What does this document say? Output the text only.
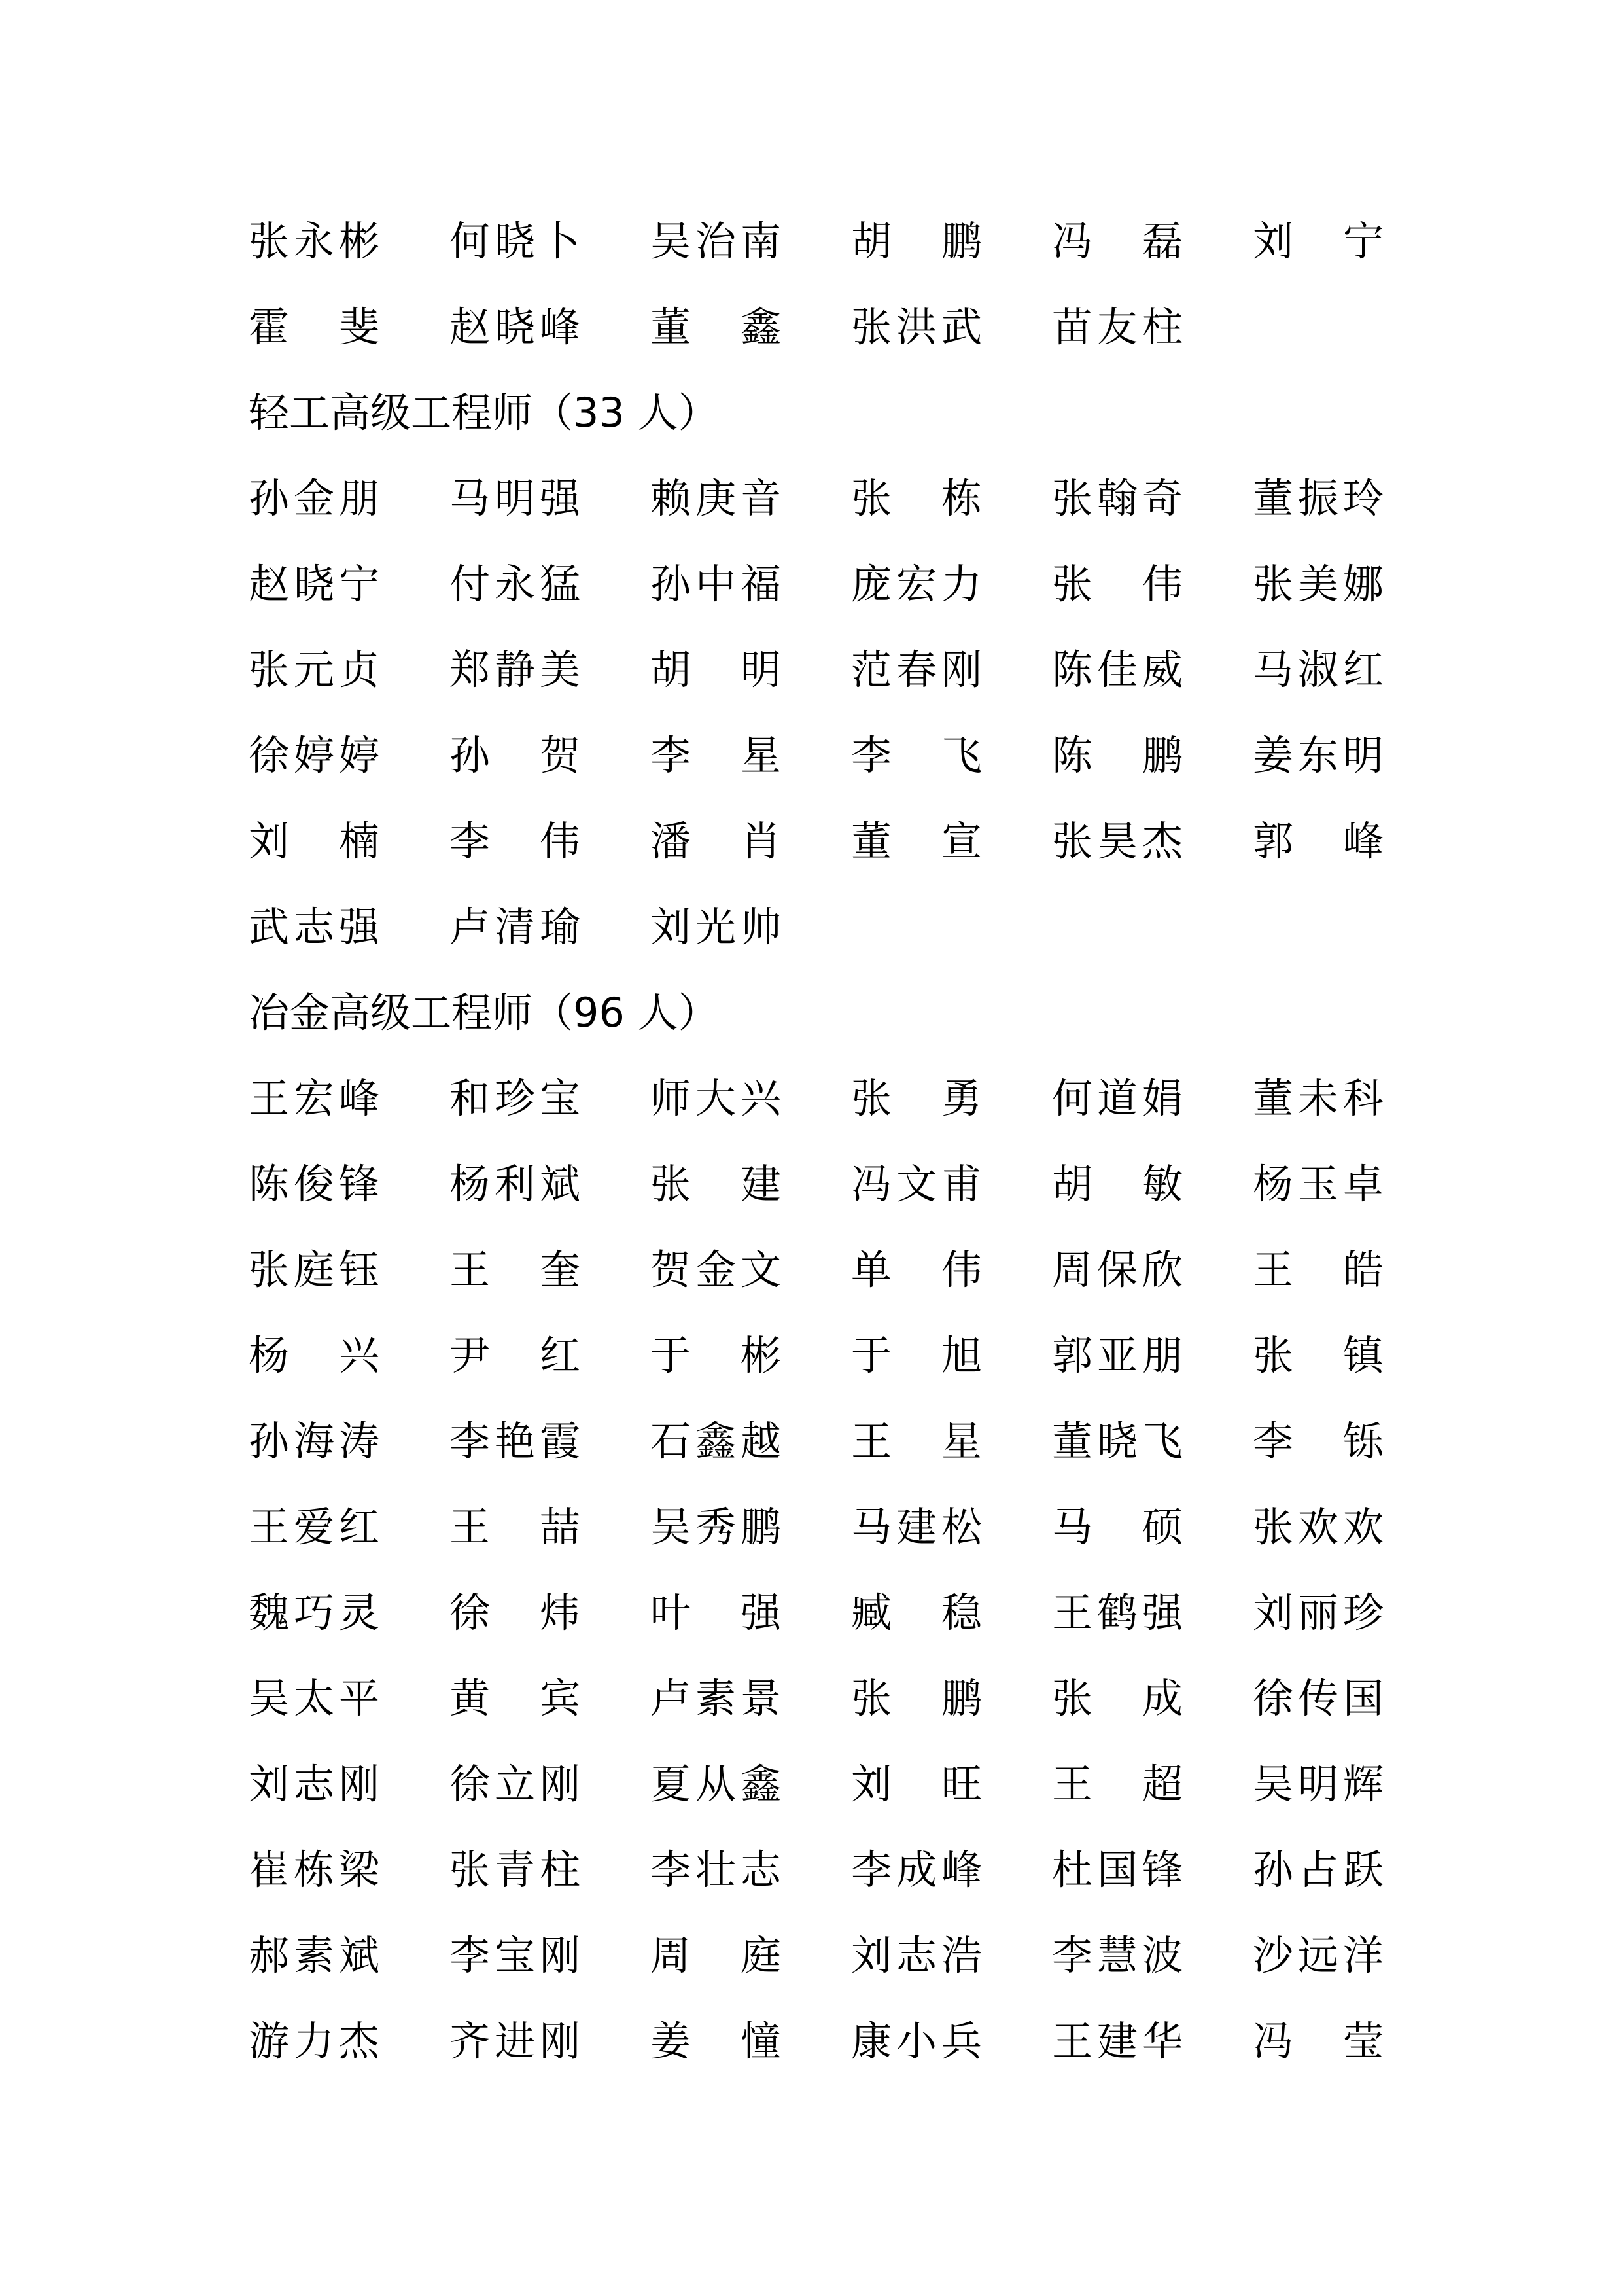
张 永 彬 何 晓 卜 吴 治 南 胡
鹏 冯
磊 刘
宁
霍
斐 赵 晓 峰 董
鑫 张 洪 武 苗 友 柱
轻工高级工程师（33 人）
孙 金 朋 马 明 强 赖 庚 音 张
栋 张 翰 奇 董 振 玲
赵 晓 宁 付 永 猛 孙 中 福 庞 宏 力 张
伟 张 美 娜
张 元 贞 郑 静 美 胡
明 范 春 刚 陈 佳 威 马 淑 红
徐 婷 婷 孙
贺 李
星 李
飞 陈
鹏 姜 东 明
刘
楠 李
伟 潘
肖 董
宣 张 昊 杰 郭
峰
武 志 强 卢 清 瑜 刘 光 帅
冶金高级工程师（96 人）
王 宏 峰 和 珍 宝 师 大 兴 张
勇 何 道 娟 董 未 科
陈 俊 锋 杨 利 斌 张
建 冯 文 甫 胡
敏 杨 玉 卓
张 庭 钰 王
奎 贺 金 文 单
伟 周 保 欣 王
皓
杨
兴 尹
红 于
彬 于
旭 郭 亚 朋 张
镇
孙 海 涛 李 艳 霞 石 鑫 越 王
星 董 晓 飞 李
铄
王 爱 红 王
喆 吴 秀 鹏 马 建 松 马
硕 张 欢 欢
魏 巧 灵 徐
炜 叶
强 臧
稳 王 鹤 强 刘 丽 珍
吴 太 平 黄
宾 卢 素 景 张
鹏 张
成 徐 传 国
刘 志 刚 徐 立 刚 夏 从 鑫 刘
旺 王
超 吴 明 辉
崔 栋 梁 张 青 柱 李 壮 志 李 成 峰 杜 国 锋 孙 占 跃
郝 素 斌 李 宝 刚 周
庭 刘 志 浩 李 慧 波 沙 远 洋
游 力 杰 齐 进 刚 姜
憧 康 小 兵 王 建 华 冯
莹
